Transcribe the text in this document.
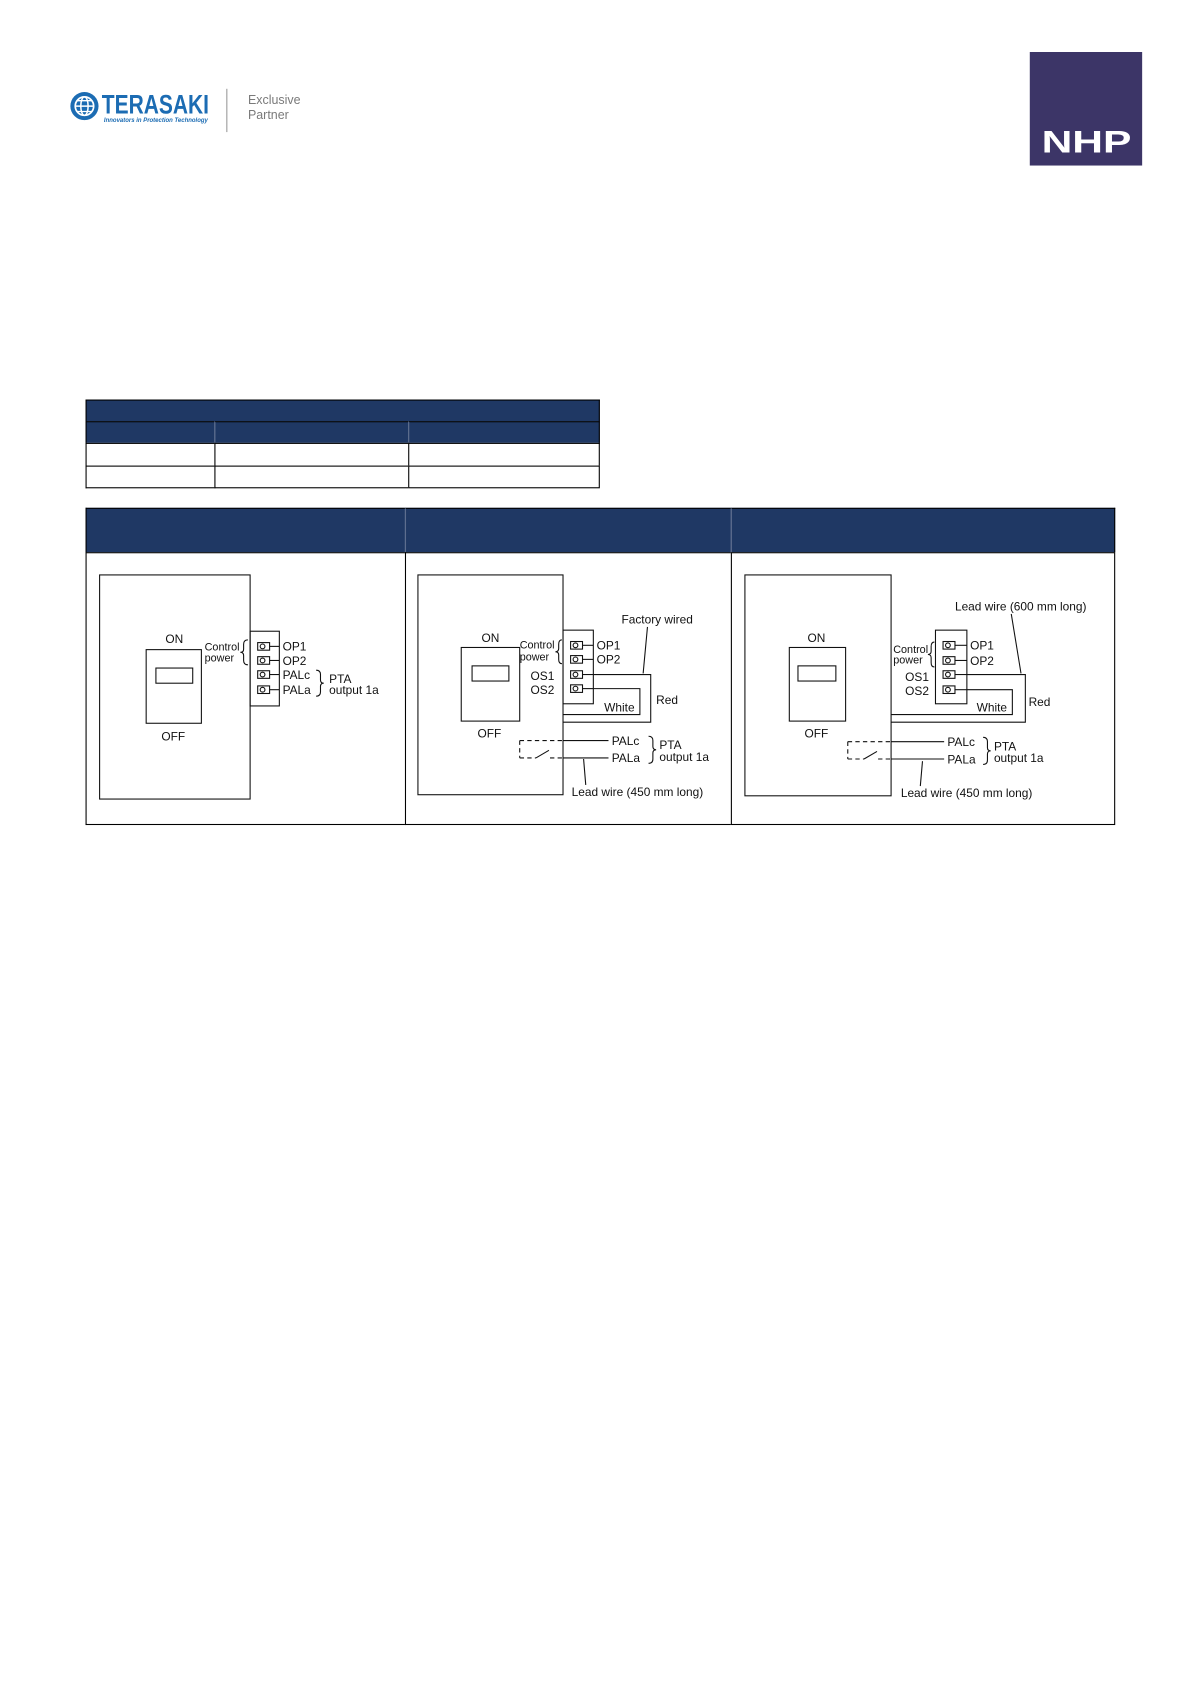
TERASAKI
Innovators in Protection Technology
Exclusive
Partner
NHP
ON
OFF
OP1
OP2
PALc
PALa
Control
power
PTA
output 1a
ON
OFF
OP1
OP2
OS1
OS2
Control
power
Factory wired
White
Red
PALc
PALa
PTA
output 1a
Lead wire (450 mm long)
ON
OFF
OP1
OP2
OS1
OS2
Control
power
Lead wire (600 mm long)
White Red
PALc
PALa
PTA
output 1a
Lead wire (450 mm long)
